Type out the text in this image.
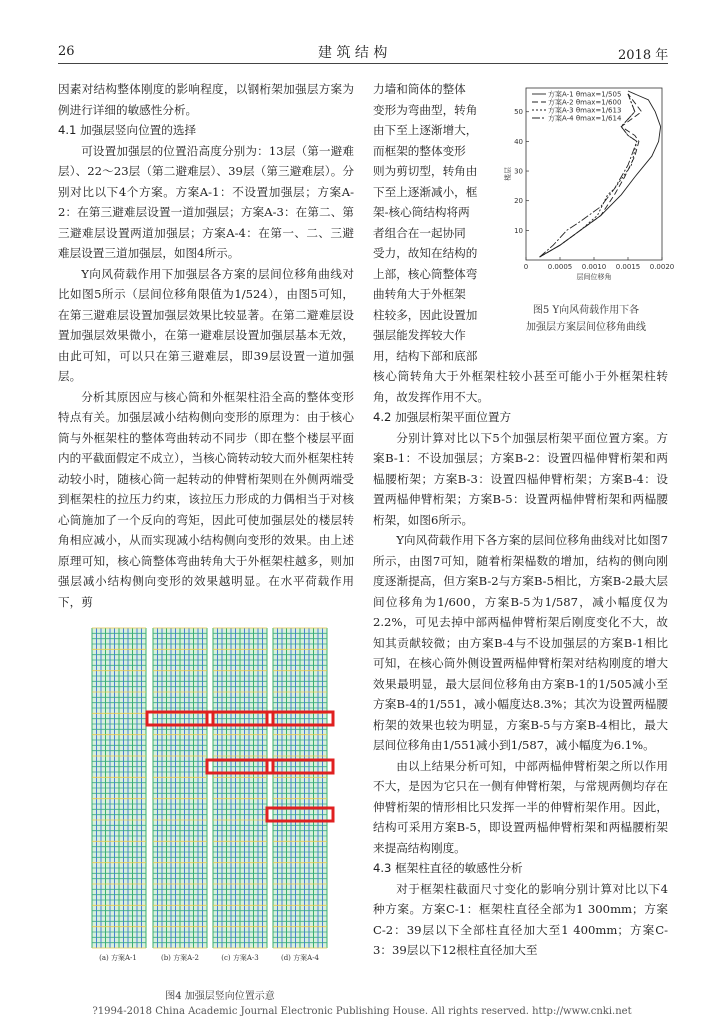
26	建 筑 结 构	2018 年

因素对结构整体刚度的影响程度，以钢桁架加强层方案为例进行详细的敏感性分析。

4.1 加强层竖向位置的选择

可设置加强层的位置沿高度分别为：13层（第一避难层）、22～23层（第二避难层）、39层（第三避难层）。分别对比以下4个方案。方案A-1：不设置加强层；方案A-2：在第三避难层设置一道加强层；方案A-3：在第二、第三避难层设置两道加强层；方案A-4：在第一、二、三避难层设置三道加强层，如图4所示。

Y向风荷载作用下加强层各方案的层间位移角曲线对比如图5所示（层间位移角限值为1/524），由图5可知，在第三避难层设置加强层效果比较显著。在第二避难层设置加强层效果微小，在第一避难层设置加强层基本无效，由此可知，可以只在第三避难层，即39层设置一道加强层。

分析其原因应与核心筒和外框架柱沿全高的整体变形特点有关。加强层减小结构侧向变形的原理为：由于核心筒与外框架柱的整体弯曲转动不同步（即在整个楼层平面内的平截面假定不成立），当核心筒转动较大而外框架柱转动较小时，随核心筒一起转动的伸臂桁架则在外侧两端受到框架柱的拉压力约束，该拉压力形成的力偶相当于对核心筒施加了一个反向的弯矩，因此可使加强层处的楼层转角相应减小，从而实现减小结构侧向变形的效果。由上述原理可知，核心筒整体弯曲转角大于外框架柱越多，则加强层减小结构侧向变形的效果越明显。在水平荷载作用下，剪

(a) 方案A-1	(b) 方案A-2	(c) 方案A-3	(d) 方案A-4
图4 加强层竖向位置示意
力墙和筒体的整体
变形为弯曲型，转角
由下至上逐渐增大，
而框架的整体变形
则为剪切型，转角由
下至上逐渐减小，框
架-核心筒结构将两
者组合在一起协同
受力，故知在结构的
上部，核心筒整体弯
曲转角大于外框架
柱较多，因此设置加
强层能发挥较大作
用，结构下部和底部
0	0.0005 0.0010 0.0015 0.0020
10
20
30
40
50
楼层
层间位移角
方案A-1 θmax=1/505
方案A-2 θmax=1/600
方案A-3 θmax=1/613
方案A-4 θmax=1/614
图5 Y向风荷载作用下各
加强层方案层间位移角曲线

核心筒转角大于外框架柱较小甚至可能小于外框架柱转角，故发挥作用不大。

4.2 加强层桁架平面位置方

分别计算对比以下5个加强层桁架平面位置方案。方案B-1：不设加强层；方案B-2：设置四榀伸臂桁架和两榀腰桁架；方案B-3：设置四榀伸臂桁架；方案B-4：设置两榀伸臂桁架；方案B-5：设置两榀伸臂桁架和两榀腰桁架，如图6所示。

Y向风荷载作用下各方案的层间位移角曲线对比如图7所示，由图7可知，随着桁架榀数的增加，结构的侧向刚度逐渐提高，但方案B-2与方案B-5相比，方案B-2最大层间位移角为1/600，方案B-5为1/587，减小幅度仅为2.2%，可见去掉中部两榀伸臂桁架后刚度变化不大，故知其贡献较微；由方案B-4与不设加强层的方案B-1相比可知，在核心筒外侧设置两榀伸臂桁架对结构刚度的增大效果最明显，最大层间位移角由方案B-1的1/505减小至方案B-4的1/551，减小幅度达8.3%；其次为设置两榀腰桁架的效果也较为明显，方案B-5与方案B-4相比，最大层间位移角由1/551减小到1/587，减小幅度为6.1%。

由以上结果分析可知，中部两榀伸臂桁架之所以作用不大，是因为它只在一侧有伸臂桁架，与常规两侧均存在伸臂桁架的情形相比只发挥一半的伸臂桁架作用。因此，结构可采用方案B-5，即设置两榀伸臂桁架和两榀腰桁架来提高结构刚度。

4.3 框架柱直径的敏感性分析

对于框架柱截面尺寸变化的影响分别计算对比以下4种方案。方案C-1：框架柱直径全部为1 300mm；方案C-2：39层以下全部柱直径加大至1 400mm；方案C-3：39层以下12根柱直径加大至

?1994-2018 China Academic Journal Electronic Publishing House. All rights reserved. http://www.cnki.net
